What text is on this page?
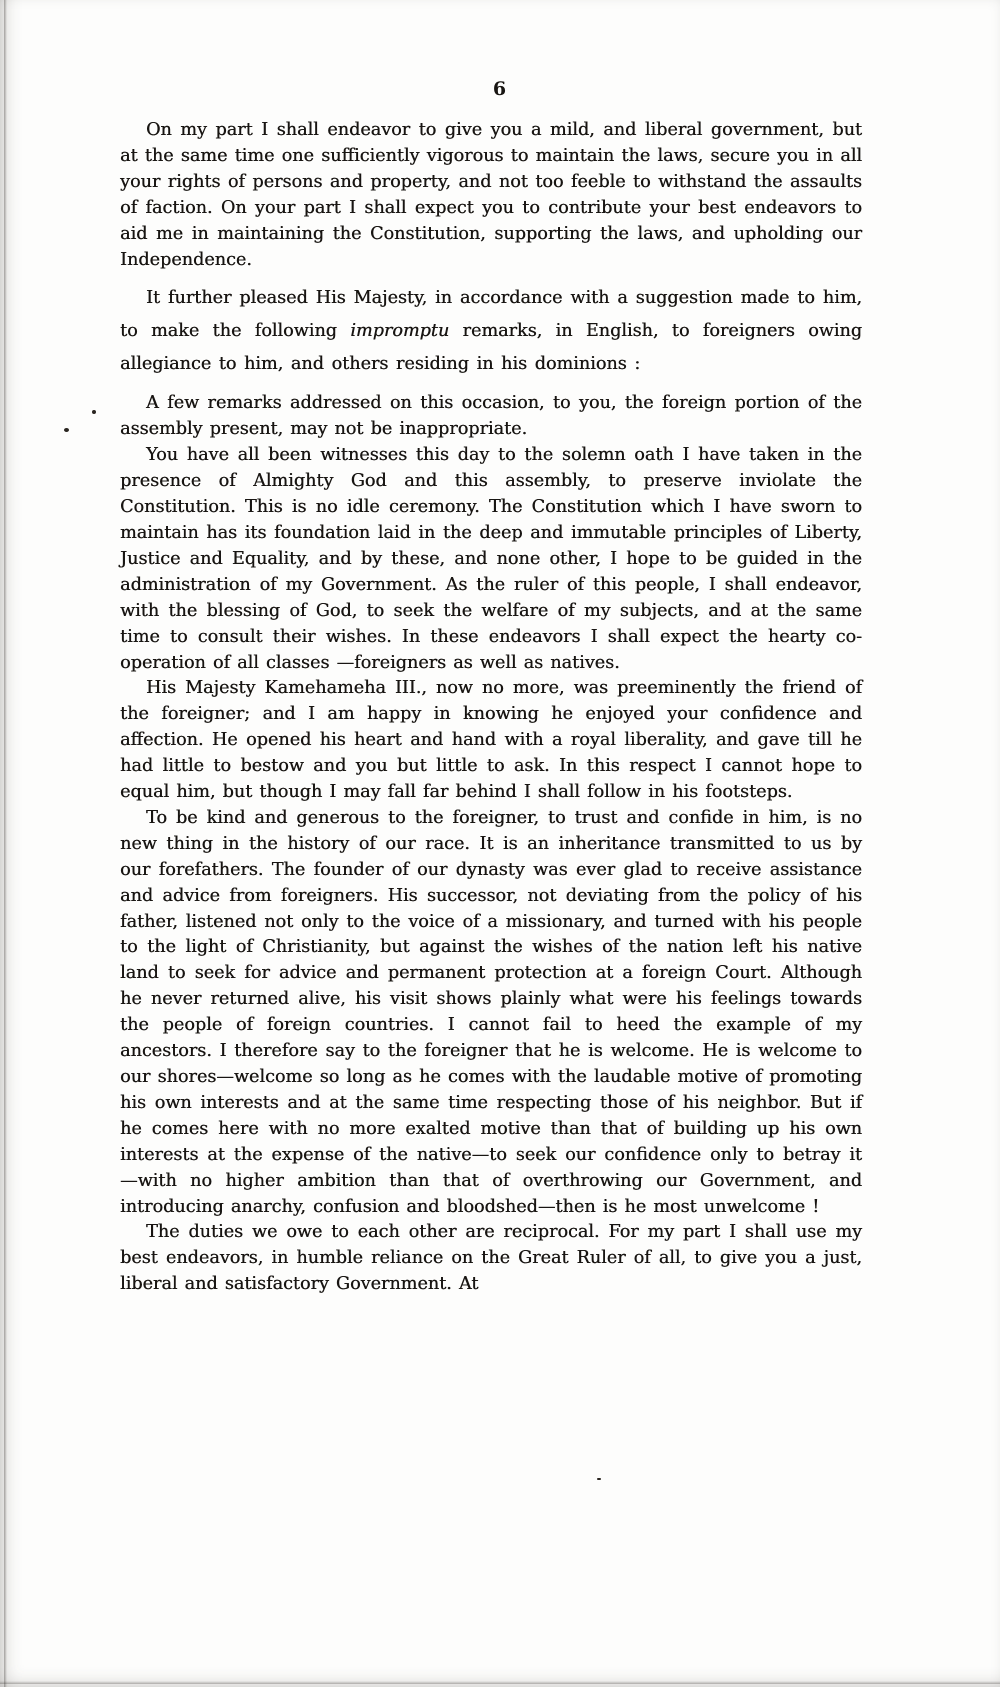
6

On my part I shall endeavor to give you a mild, and liberal government, but at the same time one sufficiently vigorous to maintain the laws, secure you in all your rights of persons and property, and not too feeble to withstand the assaults of faction. On your part I shall expect you to contribute your best endeavors to aid me in maintaining the Constitution, supporting the laws, and upholding our Independence.

It further pleased His Majesty, in accordance with a suggestion made to him, to make the following impromptu remarks, in English, to foreigners owing allegiance to him, and others residing in his dominions :

A few remarks addressed on this occasion, to you, the foreign portion of the assembly present, may not be inappropriate.

You have all been witnesses this day to the solemn oath I have taken in the presence of Almighty God and this assembly, to preserve inviolate the Constitution. This is no idle ceremony. The Constitution which I have sworn to maintain has its foundation laid in the deep and immutable principles of Liberty, Justice and Equality, and by these, and none other, I hope to be guided in the administration of my Government. As the ruler of this people, I shall endeavor, with the blessing of God, to seek the welfare of my subjects, and at the same time to consult their wishes. In these endeavors I shall expect the hearty co-operation of all classes —foreigners as well as natives.

His Majesty Kamehameha III., now no more, was preeminently the friend of the foreigner; and I am happy in knowing he enjoyed your confidence and affection. He opened his heart and hand with a royal liberality, and gave till he had little to bestow and you but little to ask. In this respect I cannot hope to equal him, but though I may fall far behind I shall follow in his footsteps.

To be kind and generous to the foreigner, to trust and confide in him, is no new thing in the history of our race. It is an inheritance transmitted to us by our forefathers. The founder of our dynasty was ever glad to receive assistance and advice from foreigners. His successor, not deviating from the policy of his father, listened not only to the voice of a missionary, and turned with his people to the light of Christianity, but against the wishes of the nation left his native land to seek for advice and permanent protection at a foreign Court. Although he never returned alive, his visit shows plainly what were his feelings towards the people of foreign countries. I cannot fail to heed the example of my ancestors. I therefore say to the foreigner that he is welcome. He is welcome to our shores—welcome so long as he comes with the laudable motive of promoting his own interests and at the same time respecting those of his neighbor. But if he comes here with no more exalted motive than that of building up his own interests at the expense of the native—to seek our confidence only to betray it —with no higher ambition than that of overthrowing our Government, and introducing anarchy, confusion and bloodshed—then is he most unwelcome !

The duties we owe to each other are reciprocal. For my part I shall use my best endeavors, in humble reliance on the Great Ruler of all, to give you a just, liberal and satisfactory Government. At
